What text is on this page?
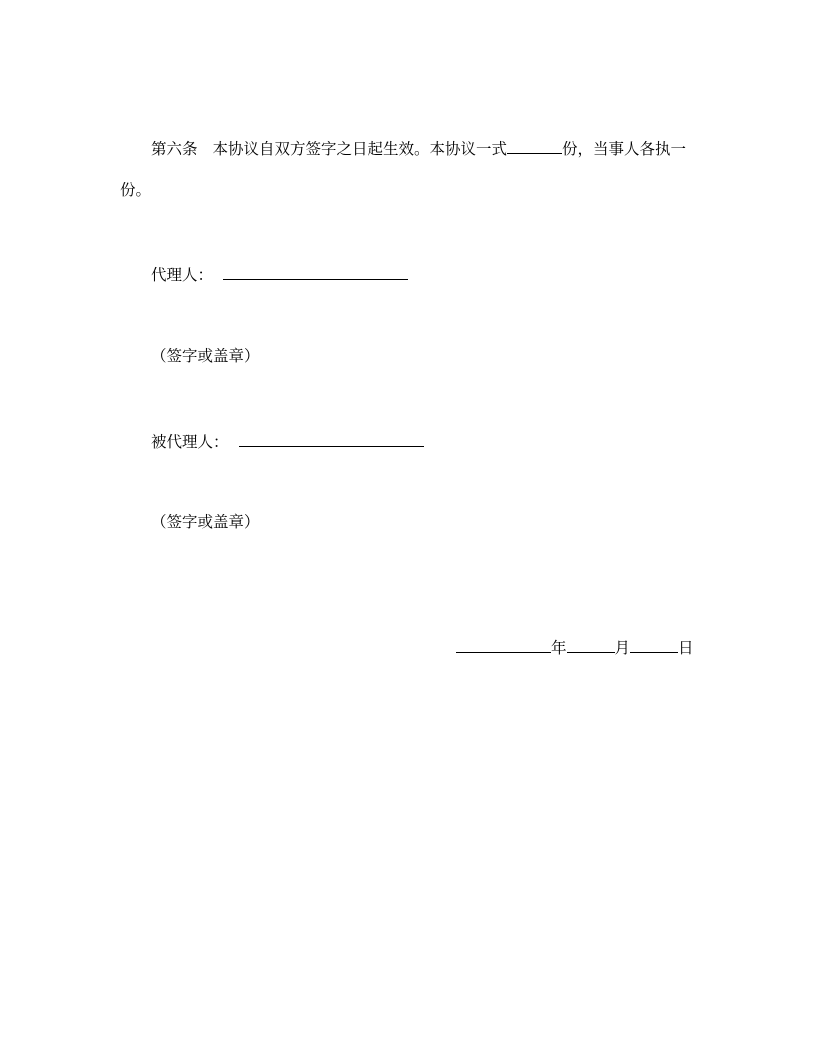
第六条 本协议自双方签字之日起生效。本协议一式	份，当事人各执一
份。
代理人：
（签字或盖章）
被代理人：
（签字或盖章）
年	月	日
